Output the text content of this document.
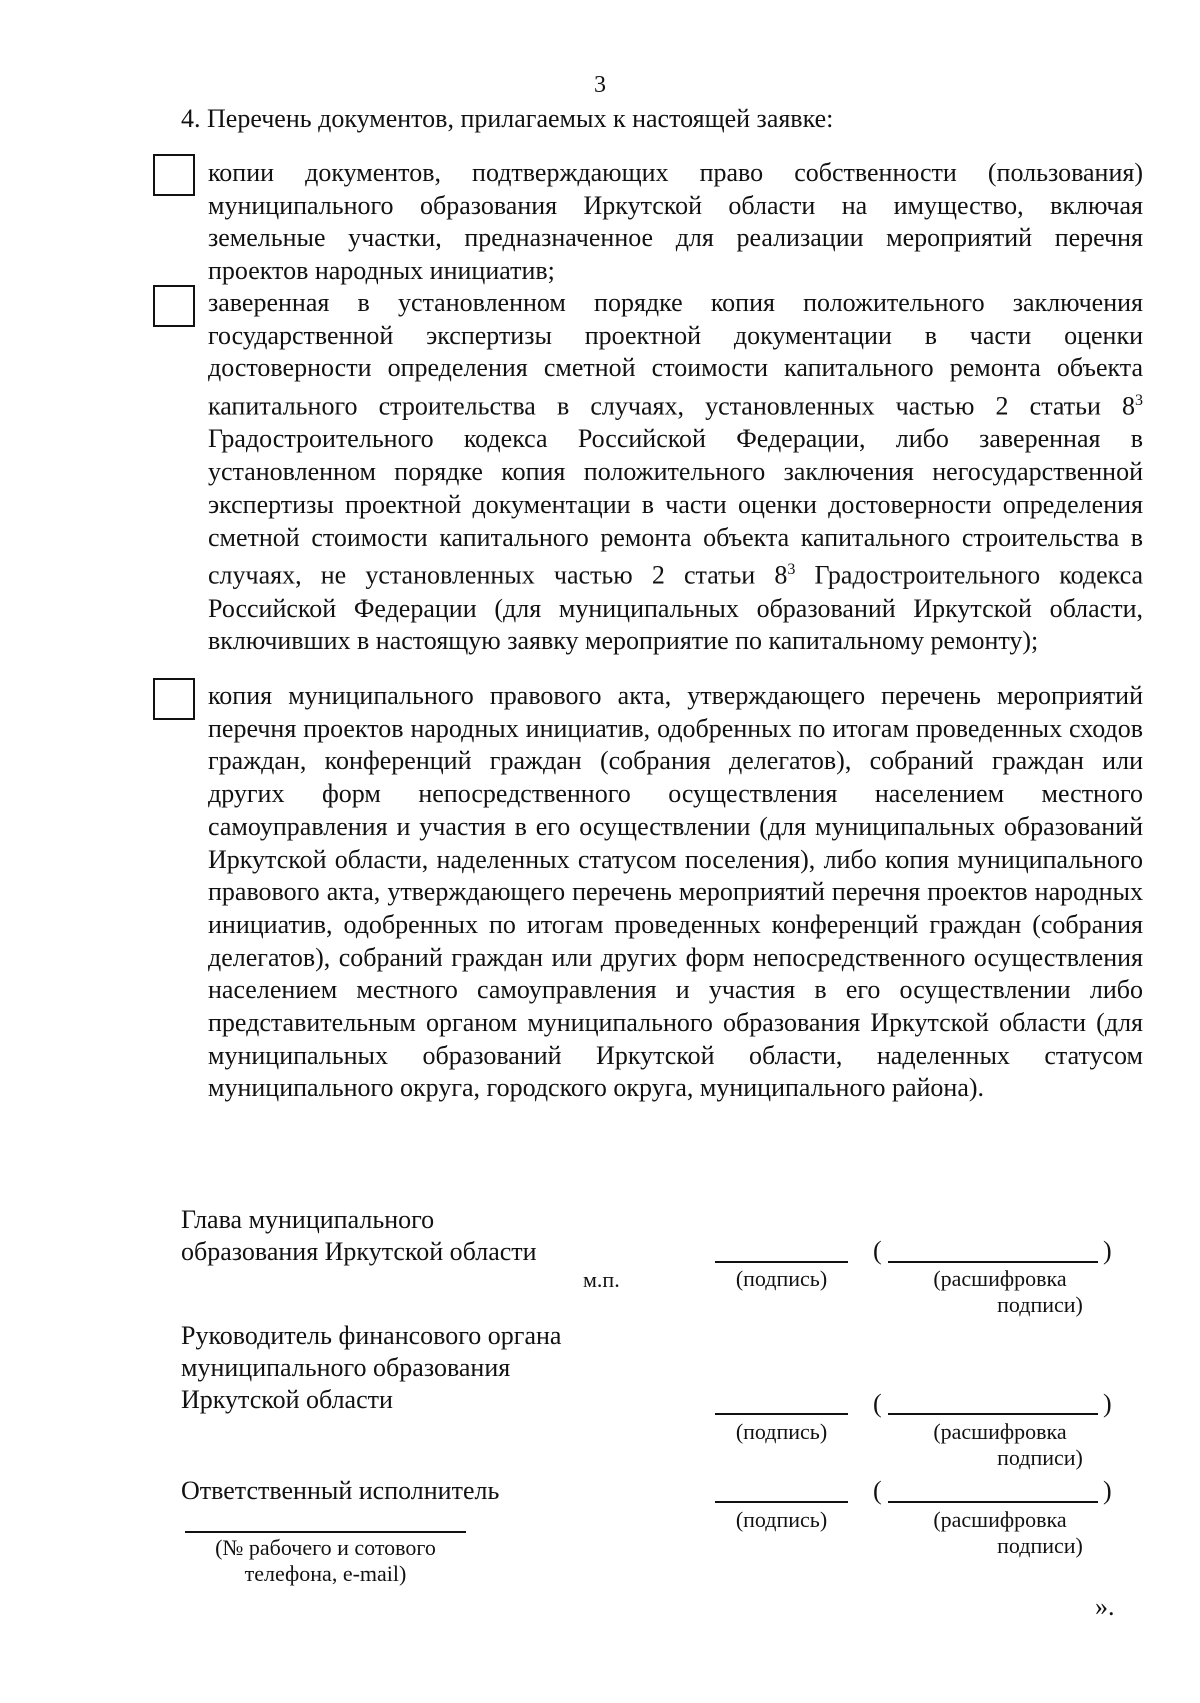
3
4. Перечень документов, прилагаемых к настоящей заявке:
копии документов, подтверждающих право собственности (пользования) муниципального образования Иркутской области на имущество, включая земельные участки, предназначенное для реализации мероприятий перечня проектов народных инициатив;
заверенная в установленном порядке копия положительного заключения государственной экспертизы проектной документации в части оценки достоверности определения сметной стоимости капитального ремонта объекта капитального строительства в случаях, установленных частью 2 статьи $8^3$ Градостроительного кодекса Российской Федерации, либо заверенная в установленном порядке копия положительного заключения негосударственной экспертизы проектной документации в части оценки достоверности определения сметной стоимости капитального ремонта объекта капитального строительства в случаях, не установленных частью 2 статьи $8^3$ Градостроительного кодекса Российской Федерации (для муниципальных образований Иркутской области, включивших в настоящую заявку мероприятие по капитальному ремонту);
копия муниципального правового акта, утверждающего перечень мероприятий перечня проектов народных инициатив, одобренных по итогам проведенных сходов граждан, конференций граждан (собрания делегатов), собраний граждан или других форм непосредственного осуществления населением местного самоуправления и участия в его осуществлении (для муниципальных образований Иркутской области, наделенных статусом поселения), либо копия муниципального правового акта, утверждающего перечень мероприятий перечня проектов народных инициатив, одобренных по итогам проведенных конференций граждан (собрания делегатов), собраний граждан или других форм непосредственного осуществления населением местного самоуправления и участия в его осуществлении либо представительным органом муниципального образования Иркутской области (для муниципальных образований Иркутской области, наделенных статусом муниципального округа, городского округа, муниципального района).
Глава муниципального
образования Иркутской области
м.п.
(	)
(подпись)	(расшифровка
подписи)
Руководитель финансового органа
муниципального образования
Иркутской области	(	)
(подпись)	(расшифровка
подписи)
Ответственный исполнитель	(	)
(подпись)	(расшифровка
подписи)
(№ рабочего и сотового
телефона, e-mail)
».
